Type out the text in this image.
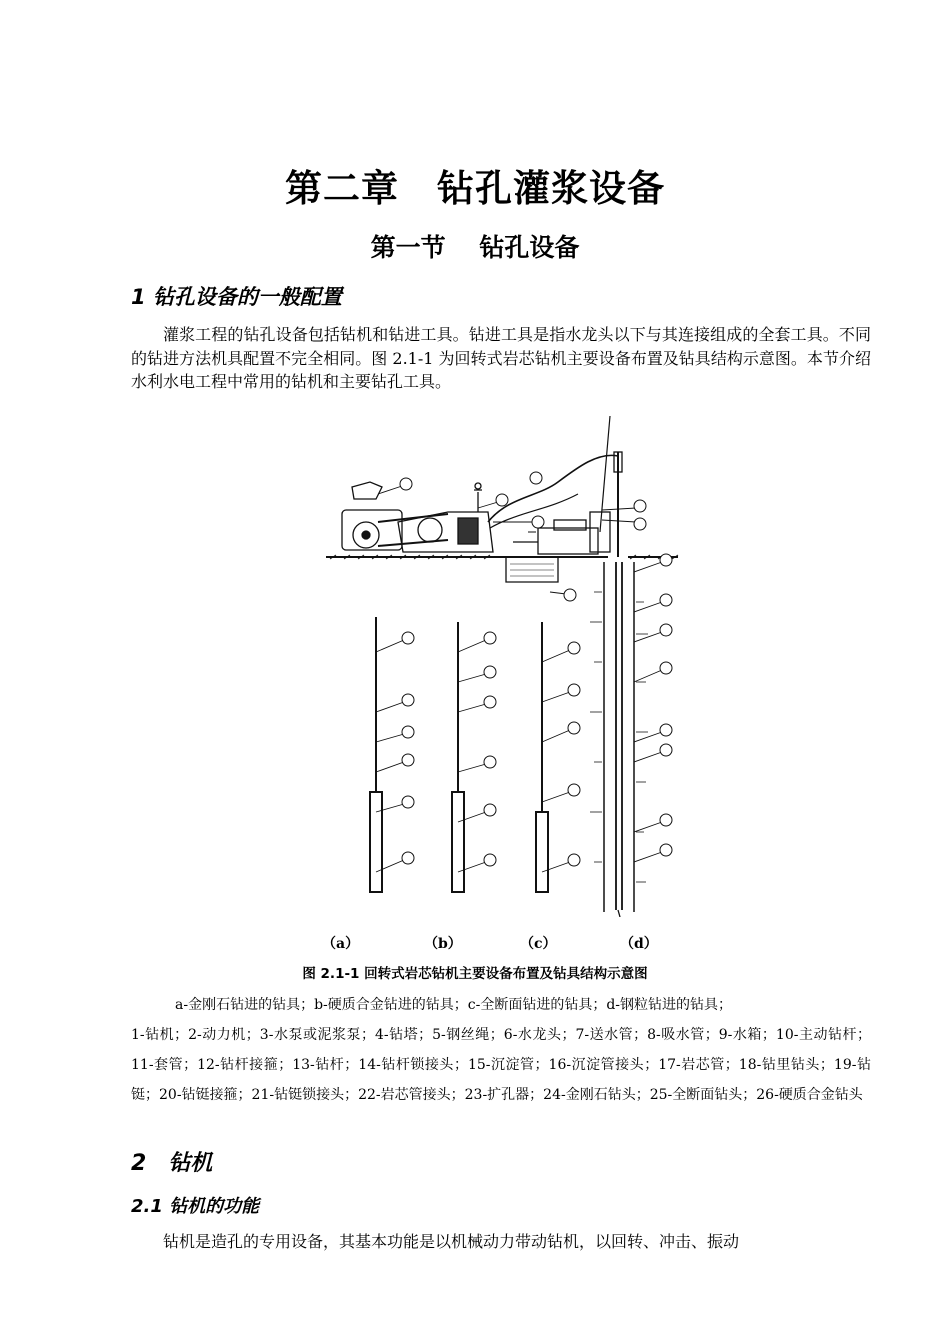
第二章　钻孔灌浆设备
第一节　 钻孔设备
1 钻孔设备的一般配置
灌浆工程的钻孔设备包括钻机和钻进工具。钻进工具是指水龙头以下与其连接组成的全套工具。不同的钻进方法机具配置不完全相同。图 2.1-1 为回转式岩芯钻机主要设备布置及钻具结构示意图。本节介绍水利水电工程中常用的钻机和主要钻孔工具。
（a）	（b）	（c）	（d）
图 2.1-1 回转式岩芯钻机主要设备布置及钻具结构示意图
a-金刚石钻进的钻具；b-硬质合金钻进的钻具；c-全断面钻进的钻具；d-钢粒钻进的钻具；
1-钻机；2-动力机；3-水泵或泥浆泵；4-钻塔；5-钢丝绳；6-水龙头；7-送水管；8-吸水管；9-水箱；10-主动钻杆；11-套管；12-钻杆接箍；13-钻杆；14-钻杆锁接头；15-沉淀管；16-沉淀管接头；17-岩芯管；18-钻里钻头；19-钻铤；20-钻铤接箍；21-钻铤锁接头；22-岩芯管接头；23-扩孔器；24-金刚石钻头；25-全断面钻头；26-硬质合金钻头
2　钻机
2.1 钻机的功能
钻机是造孔的专用设备，其基本功能是以机械动力带动钻机，以回转、冲击、振动
